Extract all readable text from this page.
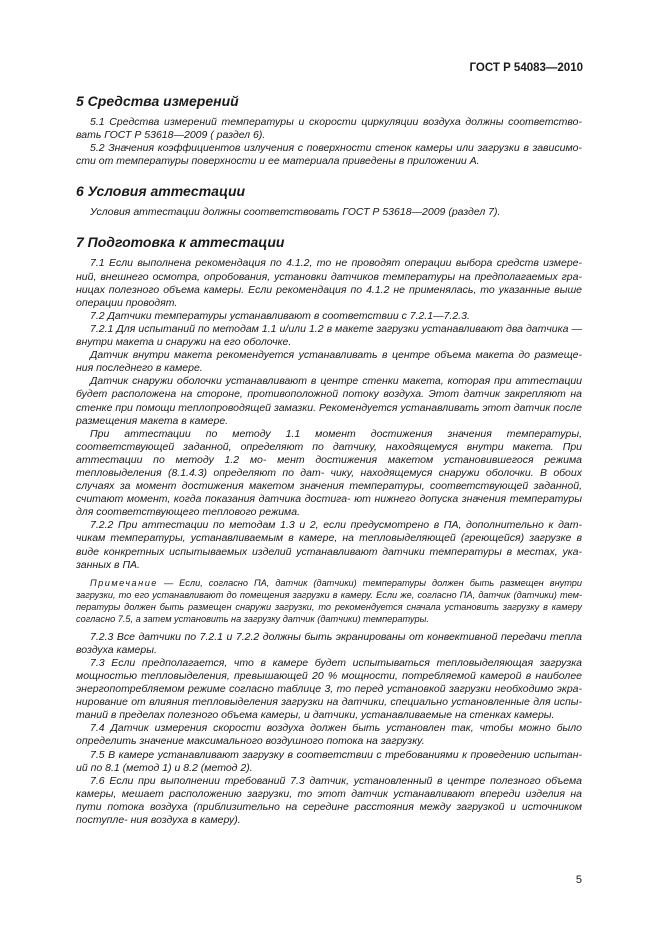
ГОСТ Р 54083—2010
5 Средства измерений

5.1 Средства измерений температуры и скорости циркуляции воздуха должны соответство- вать ГОСТ Р 53618—2009 ( раздел 6).

5.2 Значения коэффициентов излучения с поверхности стенок камеры или загрузки в зависимо- сти от температуры поверхности и ее материала приведены в приложении А.

6 Условия аттестации

Условия аттестации должны соответствовать ГОСТ Р 53618—2009 (раздел 7).

7 Подготовка к аттестации

7.1 Если выполнена рекомендация по 4.1.2, то не проводят операции выбора средств измере- ний, внешнего осмотра, опробования, установки датчиков температуры на предполагаемых гра- ницах полезного объема камеры. Если рекомендация по 4.1.2 не применялась, то указанные выше операции проводят.

7.2 Датчики температуры устанавливают в соответствии с 7.2.1—7.2.3.

7.2.1 Для испытаний по методам 1.1 и/или 1.2 в макете загрузки устанавливают два датчика — внутри макета и снаружи на его оболочке.

Датчик внутри макета рекомендуется устанавливать в центре объема макета до размеще- ния последнего в камере.

Датчик снаружи оболочки устанавливают в центре стенки макета, которая при аттестации будет расположена на стороне, противоположной потоку воздуха. Этот датчик закрепляют на стенке при помощи теплопроводящей замазки. Рекомендуется устанавливать этот датчик после размещения макета в камере.

При аттестации по методу 1.1 момент достижения значения температуры, соответствующей заданной, определяют по датчику, находящемуся внутри макета. При аттестации по методу 1.2 мо- мент достижения макетом установившегося режима тепловыделения (8.1.4.3) определяют по дат- чику, находящемуся снаружи оболочки. В обоих случаях за момент достижения макетом значения температуры, соответствующей заданной, считают момент, когда показания датчика достига- ют нижнего допуска значения температуры для соответствующего теплового режима.

7.2.2 При аттестации по методам 1.3 и 2, если предусмотрено в ПА, дополнительно к дат- чикам температуры, устанавливаемым в камере, на тепловыделяющей (греющейся) загрузке в виде конкретных испытываемых изделий устанавливают датчики температуры в местах, ука- занных в ПА.

Примечание — Если, согласно ПА, датчик (датчики) температуры должен быть размещен внутри загрузки, то его устанавливают до помещения загрузки в камеру. Если же, согласно ПА, датчик (датчики) тем- пературы должен быть размещен снаружи загрузки, то рекомендуется сначала установить загрузку в камеру согласно 7.5, а затем установить на загрузку датчик (датчики) температуры.

7.2.3 Все датчики по 7.2.1 и 7.2.2 должны быть экранированы от конвективной передачи тепла воздуха камеры.

7.3 Если предполагается, что в камере будет испытываться тепловыделяющая загрузка мощностью тепловыделения, превышающей 20 % мощности, потребляемой камерой в наиболее энергопотребляемом режиме согласно таблице 3, то перед установкой загрузки необходимо экра- нирование от влияния тепловыделения загрузки на датчики, специально установленные для испы- таний в пределах полезного объема камеры, и датчики, устанавливаемые на стенках камеры.

7.4 Датчик измерения скорости воздуха должен быть установлен так, чтобы можно было определить значение максимального воздушного потока на загрузку.

7.5 В камере устанавливают загрузку в соответствии с требованиями к проведению испытан- ий по 8.1 (метод 1) и 8.2 (метод 2).

7.6 Если при выполнении требований 7.3 датчик, установленный в центре полезного объема камеры, мешает расположению загрузки, то этот датчик устанавливают впереди изделия на пути потока воздуха (приблизительно на середине расстояния между загрузкой и источником поступле- ния воздуха в камеру).

5
